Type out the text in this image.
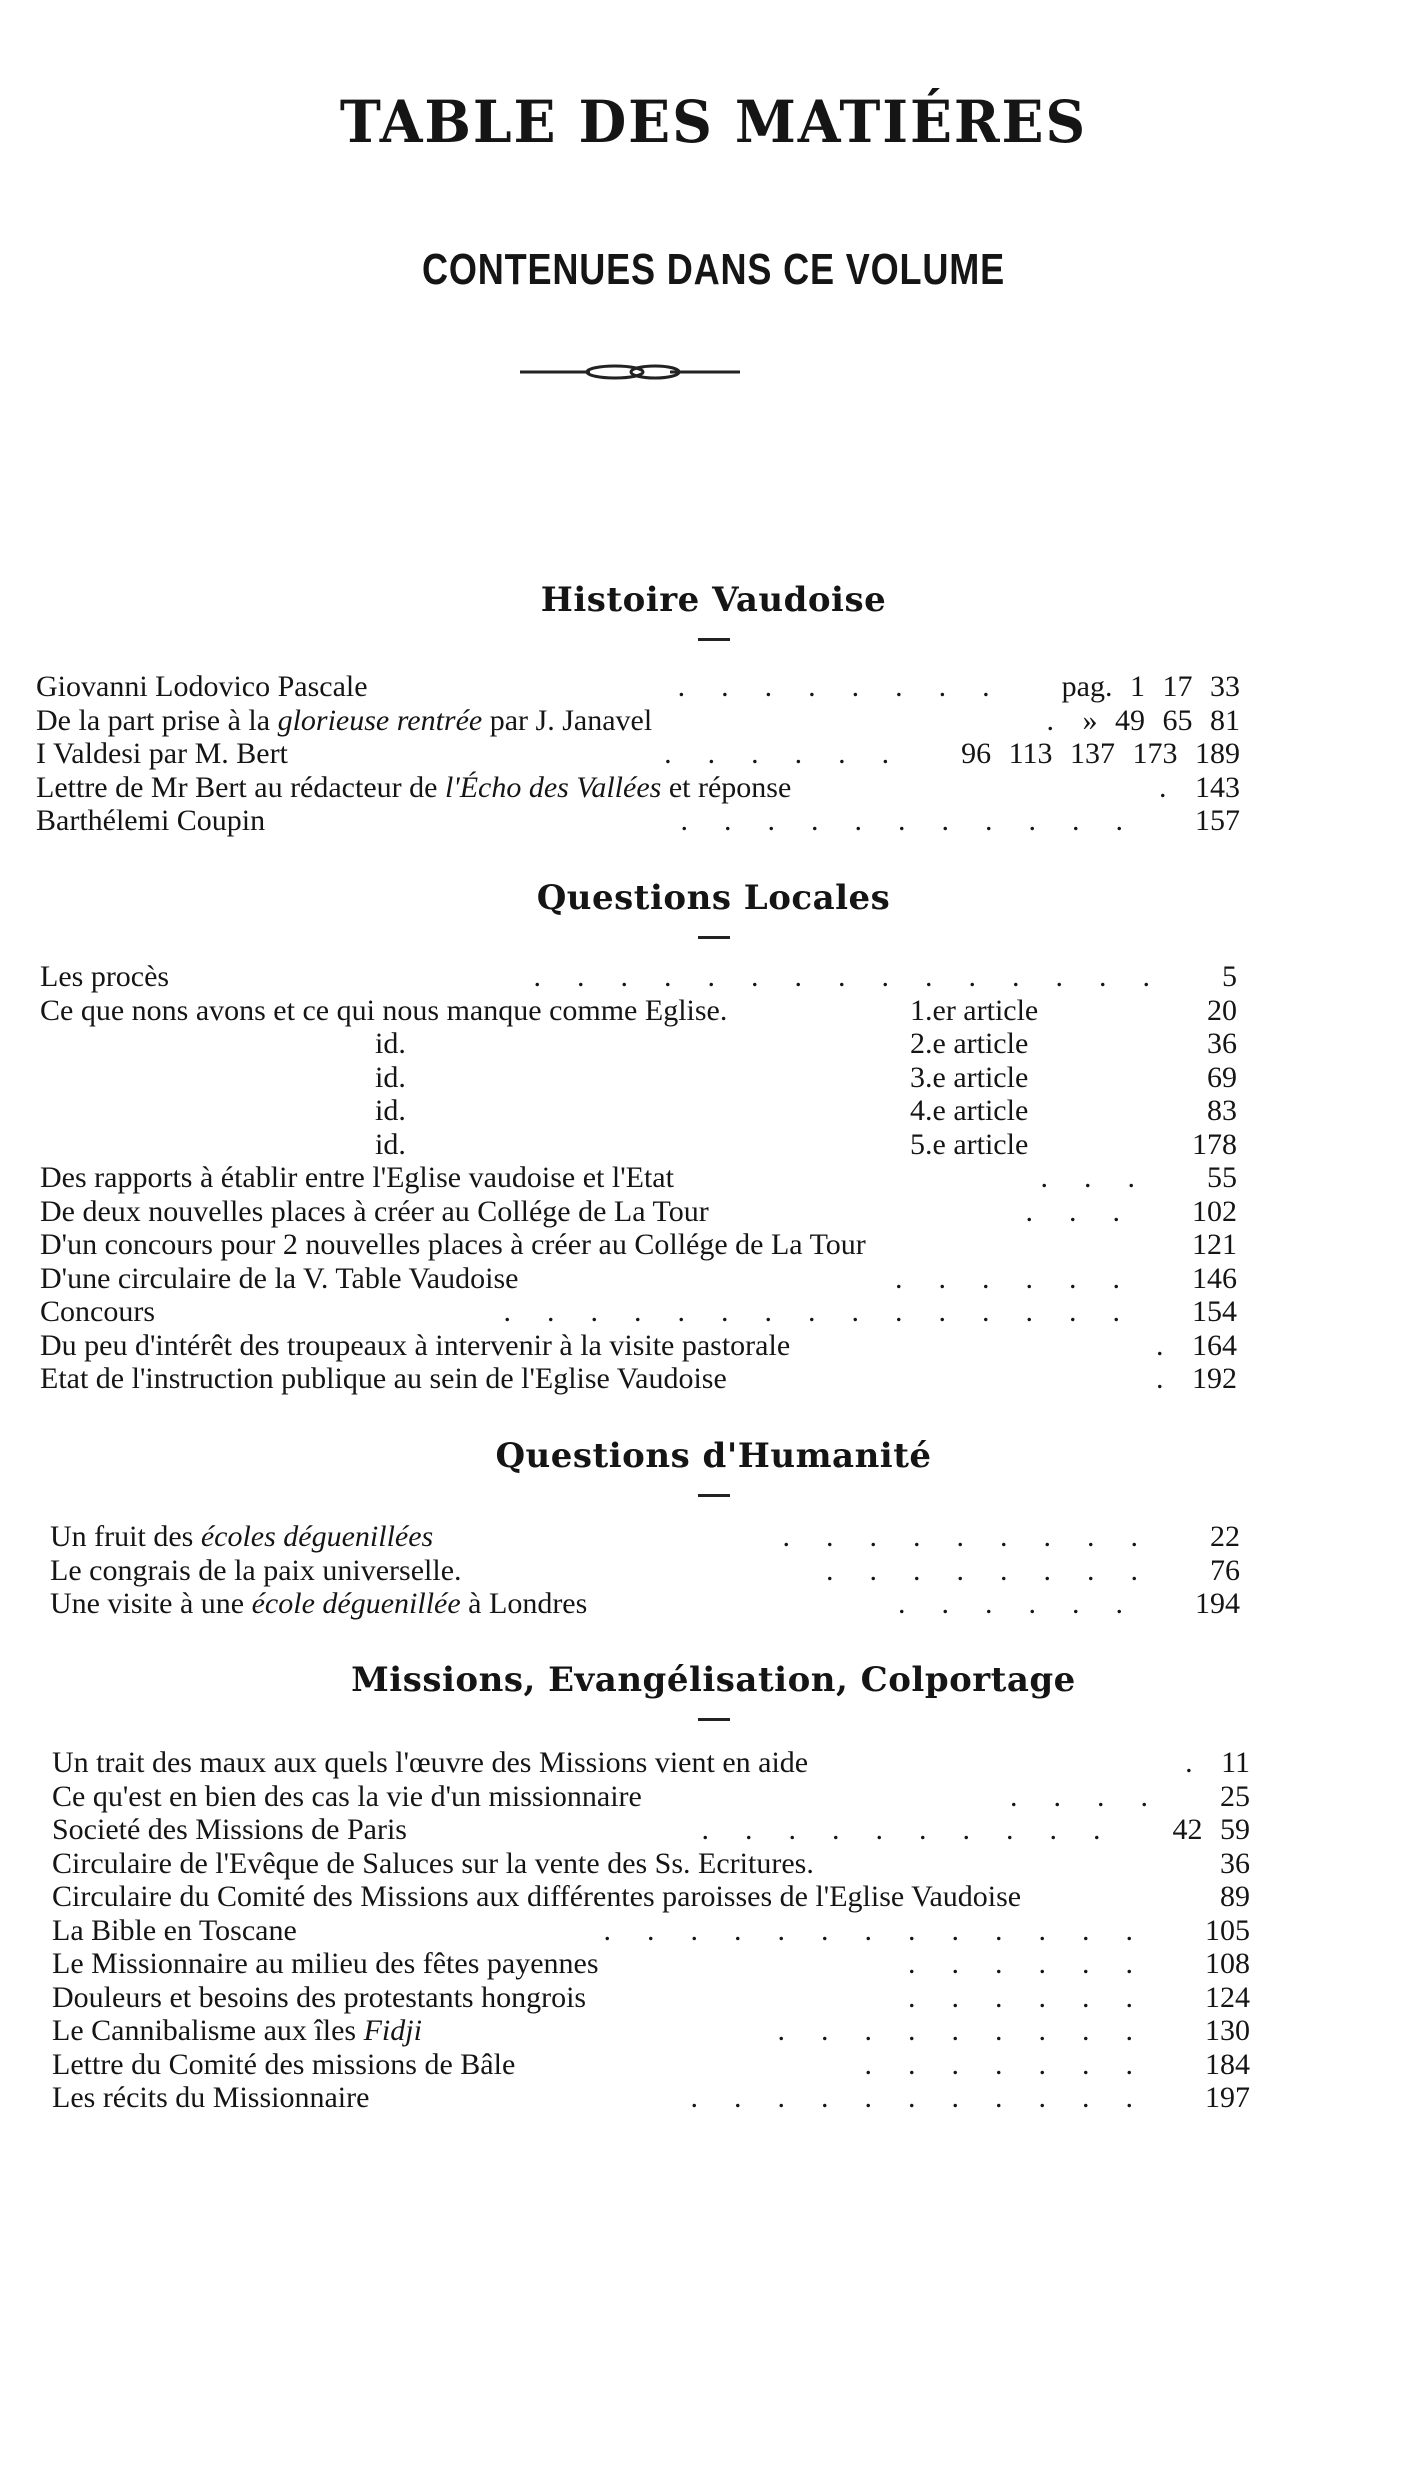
TABLE DES MATIÉRES
CONTENUES DANS CE VOLUME
Histoire Vaudoise
Giovanni Lodovico Pascale	pag. 1 17 33
........
De la part prise à la glorieuse rentrée par J. Janavel	» 49 65 81
I Valdesi par M. Bert	96 113 137 173 189
......
Lettre de Mr Bert au rédacteur de l'Écho des Vallées et réponse	143
Barthélemi Coupin	157
...........
Questions Locales
Les procès	5
...............
Ce que nons avons et ce qui nous manque comme Eglise.	1.er article	20
id.	2.e article	36
id.	3.e article	69
id.	4.e article	83
id.	5.e article	178
Des rapports à établir entre l'Eglise vaudoise et l'Etat	55
...
De deux nouvelles places à créer au Collége de La Tour	102
...
D'un concours pour 2 nouvelles places à créer au Collége de La Tour	121
D'une circulaire de la V. Table Vaudoise	146
......
Concours	154
...............
Du peu d'intérêt des troupeaux à intervenir à la visite pastorale	164
Etat de l'instruction publique au sein de l'Eglise Vaudoise	192
Questions d'Humanité
Un fruit des écoles déguenillées	22
.........
Le congrais de la paix universelle.	76
........
Une visite à une école déguenillée à Londres	194
......
Missions, Evangélisation, Colportage
Un trait des maux aux quels l'œuvre des Missions vient en aide	11
Ce qu'est en bien des cas la vie d'un missionnaire	25
....
Societé des Missions de Paris	42 59
..........
Circulaire de l'Evêque de Saluces sur la vente des Ss. Ecritures.	36
Circulaire du Comité des Missions aux différentes paroisses de l'Eglise Vaudoise	89
La Bible en Toscane	105
.............
Le Missionnaire au milieu des fêtes payennes	108
......
Douleurs et besoins des protestants hongrois	124
......
Le Cannibalisme aux îles Fidji	130
.........
Lettre du Comité des missions de Bâle	184
.......
Les récits du Missionnaire	197
...........
